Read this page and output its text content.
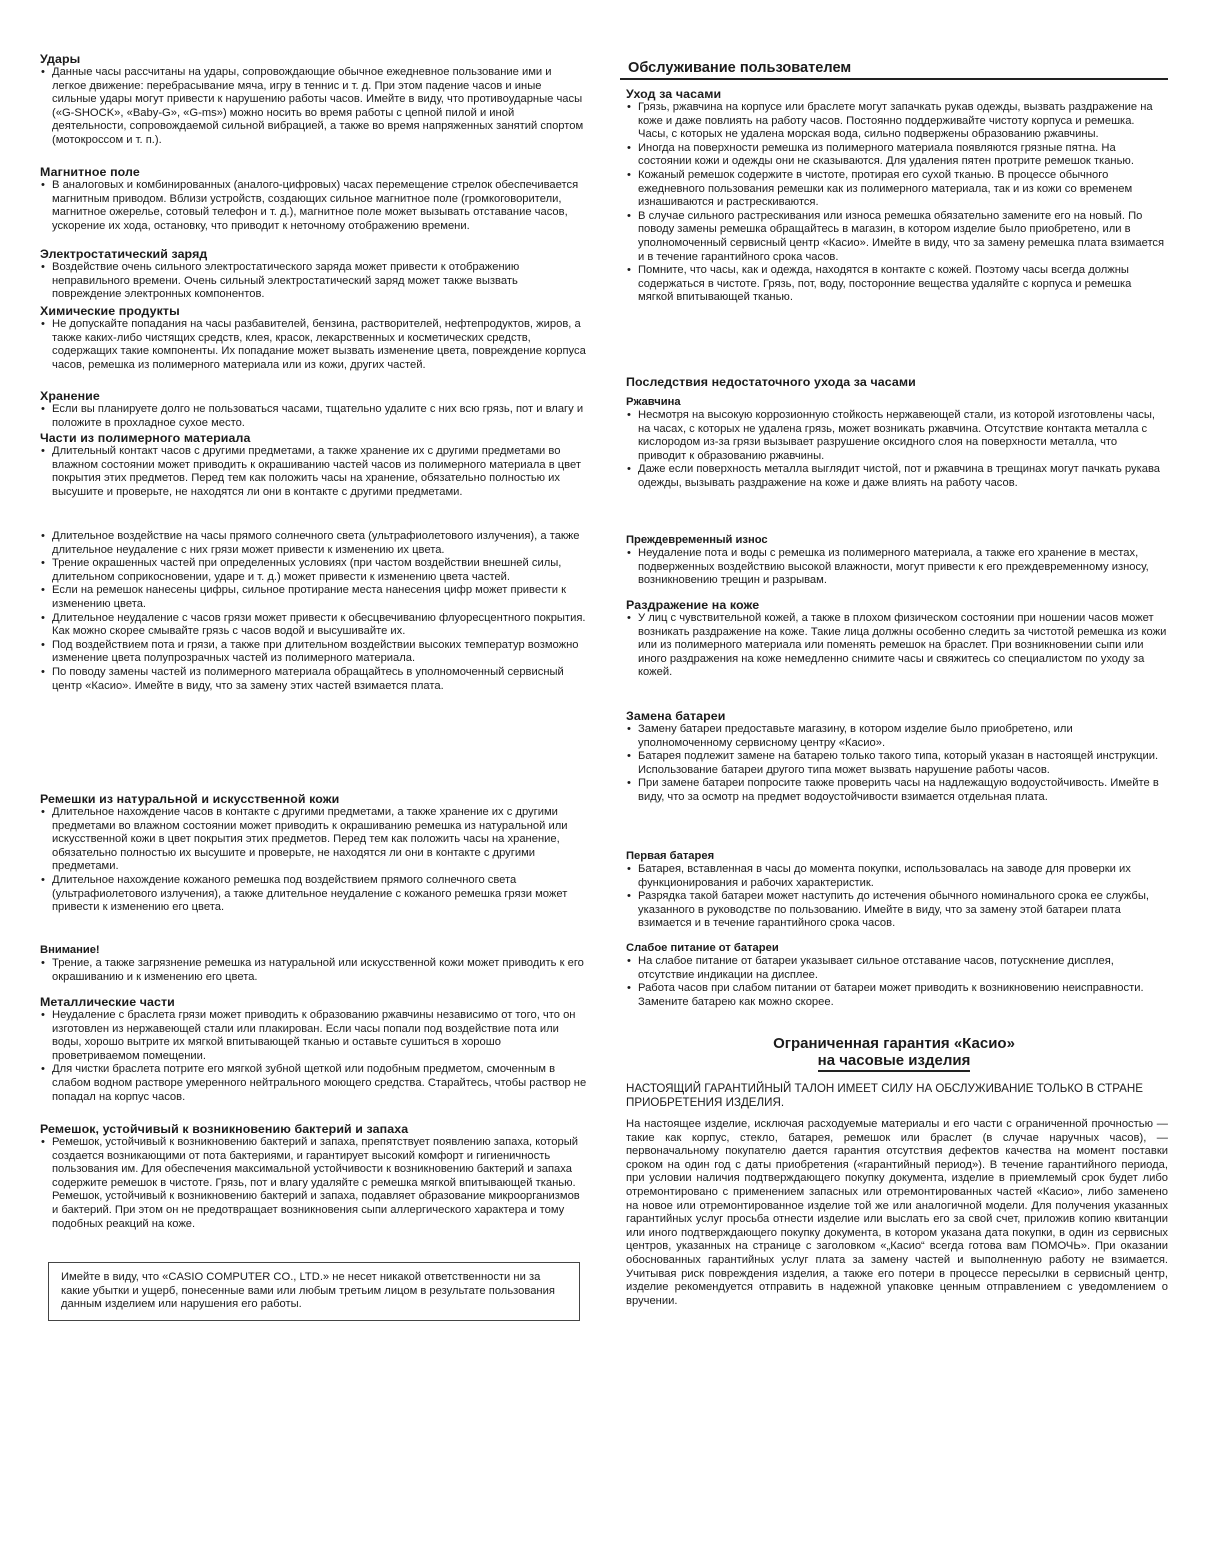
Удары
• Данные часы рассчитаны на удары, сопровождающие обычное ежедневное пользование ими и легкое движение: перебрасывание мяча, игру в теннис и т. д. При этом падение часов и иные сильные удары могут привести к нарушению работы часов. Имейте в виду, что противоударные часы («G-SHOCK», «Baby-G», «G-ms») можно носить во время работы с цепной пилой и иной деятельности, сопровождаемой сильной вибрацией, а также во время напряженных занятий спортом (мотокроссом и т. п.).
Магнитное поле
• В аналоговых и комбинированных (аналого-цифровых) часах перемещение стрелок обеспечивается магнитным приводом. Вблизи устройств, создающих сильное магнитное поле (громкоговорители, магнитное ожерелье, сотовый телефон и т. д.), магнитное поле может вызывать отставание часов, ускорение их хода, остановку, что приводит к неточному отображению времени.
Электростатический заряд
• Воздействие очень сильного электростатического заряда может привести к отображению неправильного времени. Очень сильный электростатический заряд может также вызвать повреждение электронных компонентов.
Химические продукты
• Не допускайте попадания на часы разбавителей, бензина, растворителей, нефтепродуктов, жиров, а также каких-либо чистящих средств, клея, красок, лекарственных и косметических средств, содержащих такие компоненты. Их попадание может вызвать изменение цвета, повреждение корпуса часов, ремешка из полимерного материала или из кожи, других частей.
Хранение
• Если вы планируете долго не пользоваться часами, тщательно удалите с них всю грязь, пот и влагу и положите в прохладное сухое место.
Части из полимерного материала
• Длительный контакт часов с другими предметами, а также хранение их с другими предметами во влажном состоянии может приводить к окрашиванию частей часов из полимерного материала в цвет покрытия этих предметов. Перед тем как положить часы на хранение, обязательно полностью их высушите и проверьте, не находятся ли они в контакте с другими предметами.
• Длительное воздействие на часы прямого солнечного света (ультрафиолетового излучения), а также длительное неудаление с них грязи может привести к изменению их цвета.
• Трение окрашенных частей при определенных условиях (при частом воздействии внешней силы, длительном соприкосновении, ударе и т. д.) может привести к изменению цвета частей.
• Если на ремешок нанесены цифры, сильное протирание места нанесения цифр может привести к изменению цвета.
• Длительное неудаление с часов грязи может привести к обесцвечиванию флуоресцентного покрытия. Как можно скорее смывайте грязь с часов водой и высушивайте их.
• Под воздействием пота и грязи, а также при длительном воздействии высоких температур возможно изменение цвета полупрозрачных частей из полимерного материала.
• По поводу замены частей из полимерного материала обращайтесь в уполномоченный сервисный центр «Касио». Имейте в виду, что за замену этих частей взимается плата.
Ремешки из натуральной и искусственной кожи
• Длительное нахождение часов в контакте с другими предметами, а также хранение их с другими предметами во влажном состоянии может приводить к окрашиванию ремешка из натуральной или искусственной кожи в цвет покрытия этих предметов. Перед тем как положить часы на хранение, обязательно полностью их высушите и проверьте, не находятся ли они в контакте с другими предметами.
• Длительное нахождение кожаного ремешка под воздействием прямого солнечного света (ультрафиолетового излучения), а также длительное неудаление с кожаного ремешка грязи может привести к изменению его цвета.
Внимание!
• Трение, а также загрязнение ремешка из натуральной или искусственной кожи может приводить к его окрашиванию и к изменению его цвета.
Металлические части
• Неудаление с браслета грязи может приводить к образованию ржавчины независимо от того, что он изготовлен из нержавеющей стали или плакирован. Если часы попали под воздействие пота или воды, хорошо вытрите их мягкой впитывающей тканью и оставьте сушиться в хорошо проветриваемом помещении.
• Для чистки браслета потрите его мягкой зубной щеткой или подобным предметом, смоченным в слабом водном растворе умеренного нейтрального моющего средства. Старайтесь, чтобы раствор не попадал на корпус часов.
Ремешок, устойчивый к возникновению бактерий и запаха
• Ремешок, устойчивый к возникновению бактерий и запаха, препятствует появлению запаха, который создается возникающими от пота бактериями, и гарантирует высокий комфорт и гигиеничность пользования им. Для обеспечения максимальной устойчивости к возникновению бактерий и запаха содержите ремешок в чистоте. Грязь, пот и влагу удаляйте с ремешка мягкой впитывающей тканью. Ремешок, устойчивый к возникновению бактерий и запаха, подавляет образование микроорганизмов и бактерий. При этом он не предотвращает возникновения сыпи аллергического характера и тому подобных реакций на коже.
Имейте в виду, что «CASIO COMPUTER CO., LTD.» не несет никакой ответственности ни за какие убытки и ущерб, понесенные вами или любым третьим лицом в результате пользования данным изделием или нарушения его работы.
Обслуживание пользователем
Уход за часами
• Грязь, ржавчина на корпусе или браслете могут запачкать рукав одежды, вызвать раздражение на коже и даже повлиять на работу часов. Постоянно поддерживайте чистоту корпуса и ремешка. Часы, с которых не удалена морская вода, сильно подвержены образованию ржавчины.
• Иногда на поверхности ремешка из полимерного материала появляются грязные пятна. На состоянии кожи и одежды они не сказываются. Для удаления пятен протрите ремешок тканью.
• Кожаный ремешок содержите в чистоте, протирая его сухой тканью. В процессе обычного ежедневного пользования ремешки как из полимерного материала, так и из кожи со временем изнашиваются и растрескиваются.
• В случае сильного растрескивания или износа ремешка обязательно замените его на новый. По поводу замены ремешка обращайтесь в магазин, в котором изделие было приобретено, или в уполномоченный сервисный центр «Касио». Имейте в виду, что за замену ремешка плата взимается и в течение гарантийного срока часов.
• Помните, что часы, как и одежда, находятся в контакте с кожей. Поэтому часы всегда должны содержаться в чистоте. Грязь, пот, воду, посторонние вещества удаляйте с корпуса и ремешка мягкой впитывающей тканью.
Последствия недостаточного ухода за часами
Ржавчина
• Несмотря на высокую коррозионную стойкость нержавеющей стали, из которой изготовлены часы, на часах, с которых не удалена грязь, может возникать ржавчина. Отсутствие контакта металла с кислородом из-за грязи вызывает разрушение оксидного слоя на поверхности металла, что приводит к образованию ржавчины.
• Даже если поверхность металла выглядит чистой, пот и ржавчина в трещинах могут пачкать рукава одежды, вызывать раздражение на коже и даже влиять на работу часов.
Преждевременный износ
• Неудаление пота и воды с ремешка из полимерного материала, а также его хранение в местах, подверженных воздействию высокой влажности, могут привести к его преждевременному износу, возникновению трещин и разрывам.
Раздражение на коже
• У лиц с чувствительной кожей, а также в плохом физическом состоянии при ношении часов может возникать раздражение на коже. Такие лица должны особенно следить за чистотой ремешка из кожи или из полимерного материала или поменять ремешок на браслет. При возникновении сыпи или иного раздражения на коже немедленно снимите часы и свяжитесь со специалистом по уходу за кожей.
Замена батареи
• Замену батареи предоставьте магазину, в котором изделие было приобретено, или уполномоченному сервисному центру «Касио».
• Батарея подлежит замене на батарею только такого типа, который указан в настоящей инструкции. Использование батареи другого типа может вызвать нарушение работы часов.
• При замене батареи попросите также проверить часы на надлежащую водоустойчивость. Имейте в виду, что за осмотр на предмет водоустойчивости взимается отдельная плата.
Первая батарея
• Батарея, вставленная в часы до момента покупки, использовалась на заводе для проверки их функционирования и рабочих характеристик.
• Разрядка такой батареи может наступить до истечения обычного номинального срока ее службы, указанного в руководстве по пользованию. Имейте в виду, что за замену этой батареи плата взимается и в течение гарантийного срока часов.
Слабое питание от батареи
• На слабое питание от батареи указывает сильное отставание часов, потускнение дисплея, отсутствие индикации на дисплее.
• Работа часов при слабом питании от батареи может приводить к возникновению неисправности. Замените батарею как можно скорее.
Ограниченная гарантия «Касио»
на часовые изделия
НАСТОЯЩИЙ ГАРАНТИЙНЫЙ ТАЛОН ИМЕЕТ СИЛУ НА ОБСЛУЖИВАНИЕ ТОЛЬКО В СТРАНЕ ПРИОБРЕТЕНИЯ ИЗДЕЛИЯ.
На настоящее изделие, исключая расходуемые материалы и его части с ограниченной прочностью — такие как корпус, стекло, батарея, ремешок или браслет (в случае наручных часов), — первоначальному покупателю дается гарантия отсутствия дефектов качества на момент поставки сроком на один год с даты приобретения («гарантийный период»). В течение гарантийного периода, при условии наличия подтверждающего покупку документа, изделие в приемлемый срок будет либо отремонтировано с применением запасных или отремонтированных частей «Касио», либо заменено на новое или отремонтированное изделие той же или аналогичной модели. Для получения указанных гарантийных услуг просьба отнести изделие или выслать его за свой счет, приложив копию квитанции или иного подтверждающего покупку документа, в котором указана дата покупки, в один из сервисных центров, указанных на странице с заголовком «„Касио“ всегда готова вам ПОМОЧЬ». При оказании обоснованных гарантийных услуг плата за замену частей и выполненную работу не взимается. Учитывая риск повреждения изделия, а также его потери в процессе пересылки в сервисный центр, изделие рекомендуется отправить в надежной упаковке ценным отправлением с уведомлением о вручении.
